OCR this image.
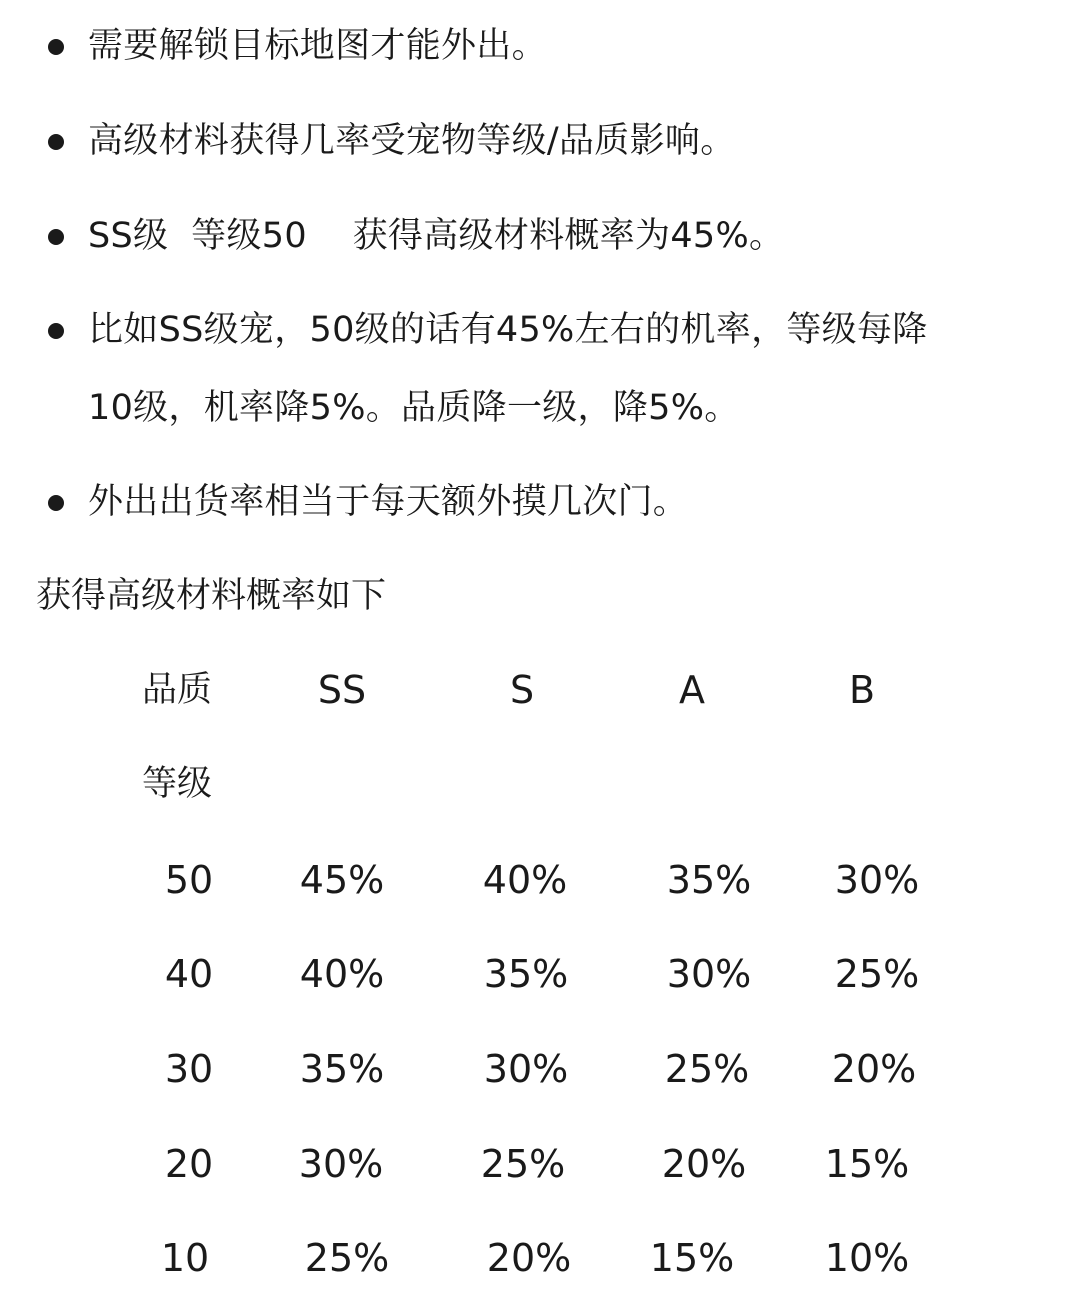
需要解锁目标地图才能外出。
高级材料获得几率受宠物等级/品质影响。
SS级  等级50    获得高级材料概率为45%。
比如SS级宠，50级的话有45%左右的机率，等级每降
10级，机率降5%。品质降一级，降5%。
外出出货率相当于每天额外摸几次门。
获得高级材料概率如下
品质	SS	S	A	B
等级
50 45%	40%	35% 30%
40 40%	35%	30% 25%
30 35%	30%	25% 20%
20 30%	25%	20% 15%
10	25%	20% 15% 10%
